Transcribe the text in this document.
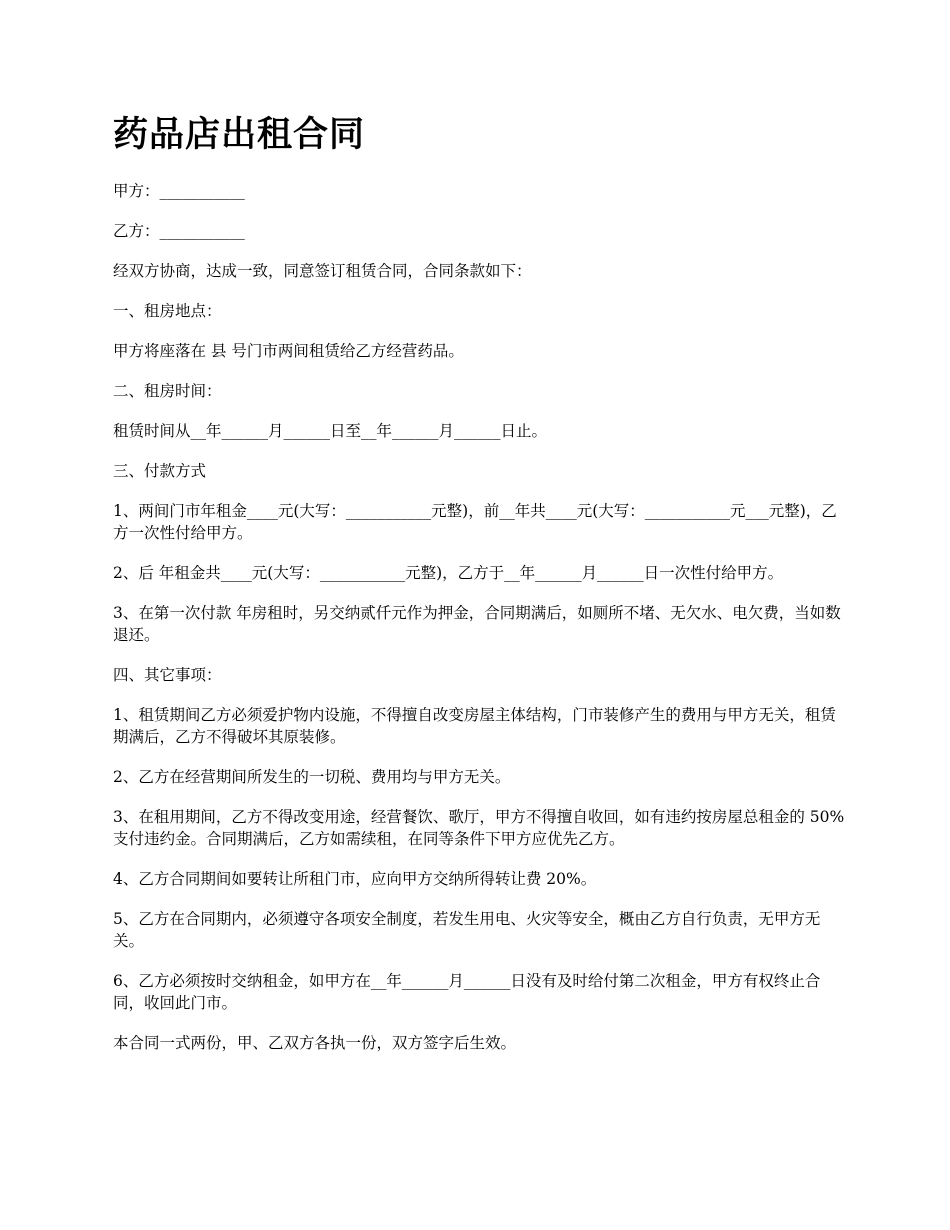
药品店出租合同

甲方：___________

乙方：___________

经双方协商，达成一致，同意签订租赁合同，合同条款如下：

一、租房地点：

甲方将座落在 县 号门市两间租赁给乙方经营药品。

二、租房时间：

租赁时间从__年______月______日至__年______月______日止。

三、付款方式

1、两间门市年租金____元(大写：___________元整)，前__年共____元(大写：___________元___元整)，乙方一次性付给甲方。

2、后 年租金共____元(大写：___________元整)，乙方于__年______月______日一次性付给甲方。

3、在第一次付款 年房租时，另交纳贰仟元作为押金，合同期满后，如厕所不堵、无欠水、电欠费，当如数退还。

四、其它事项：

1、租赁期间乙方必须爱护物内设施，不得擅自改变房屋主体结构，门市装修产生的费用与甲方无关，租赁期满后，乙方不得破坏其原装修。

2、乙方在经营期间所发生的一切税、费用均与甲方无关。

3、在租用期间，乙方不得改变用途，经营餐饮、歌厅，甲方不得擅自收回，如有违约按房屋总租金的 50%支付违约金。合同期满后，乙方如需续租，在同等条件下甲方应优先乙方。

4、乙方合同期间如要转让所租门市，应向甲方交纳所得转让费 20%。

5、乙方在合同期内，必须遵守各项安全制度，若发生用电、火灾等安全，概由乙方自行负责，无甲方无关。

6、乙方必须按时交纳租金，如甲方在__年______月______日没有及时给付第二次租金，甲方有权终止合同，收回此门市。

本合同一式两份，甲、乙双方各执一份，双方签字后生效。
